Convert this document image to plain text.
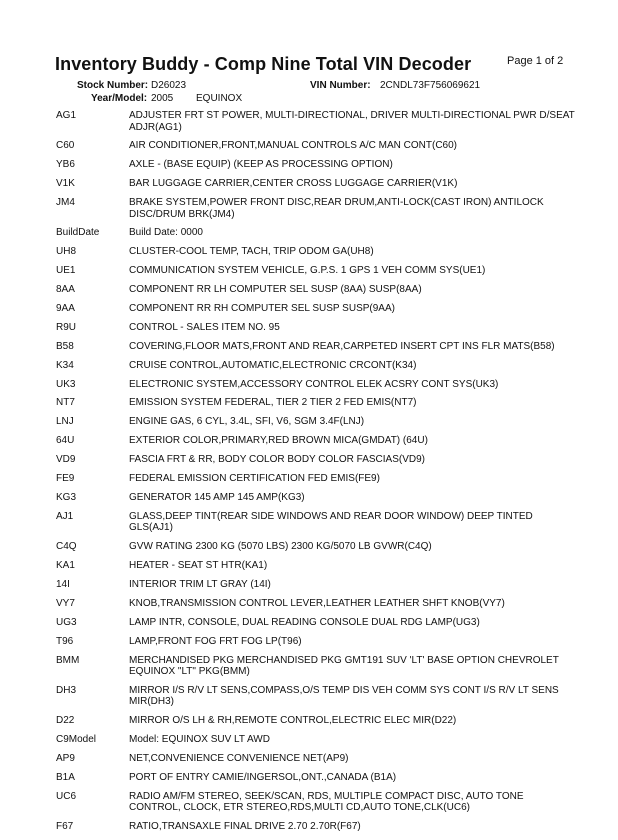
Inventory Buddy - Comp Nine Total VIN Decoder	Page 1 of 2
Stock Number: D26023	VIN Number: 2CNDL73F756069621
Year/Model: 2005 EQUINOX
AG1	ADJUSTER FRT ST POWER, MULTI-DIRECTIONAL, DRIVER MULTI-DIRECTIONAL PWR D/SEAT ADJR(AG1)
C60	AIR CONDITIONER,FRONT,MANUAL CONTROLS A/C MAN CONT(C60)
YB6	AXLE - (BASE EQUIP) (KEEP AS PROCESSING OPTION)
V1K	BAR LUGGAGE CARRIER,CENTER CROSS LUGGAGE CARRIER(V1K)
JM4	BRAKE SYSTEM,POWER FRONT DISC,REAR DRUM,ANTI-LOCK(CAST IRON) ANTILOCK DISC/DRUM BRK(JM4)
BuildDate	Build Date: 0000
UH8	CLUSTER-COOL TEMP, TACH, TRIP ODOM GA(UH8)
UE1	COMMUNICATION SYSTEM VEHICLE, G.P.S. 1 GPS 1 VEH COMM SYS(UE1)
8AA	COMPONENT RR LH COMPUTER SEL SUSP (8AA) SUSP(8AA)
9AA	COMPONENT RR RH COMPUTER SEL SUSP SUSP(9AA)
R9U	CONTROL - SALES ITEM NO. 95
B58	COVERING,FLOOR MATS,FRONT AND REAR,CARPETED INSERT CPT INS FLR MATS(B58)
K34	CRUISE CONTROL,AUTOMATIC,ELECTRONIC CRCONT(K34)
UK3	ELECTRONIC SYSTEM,ACCESSORY CONTROL ELEK ACSRY CONT SYS(UK3)
NT7	EMISSION SYSTEM FEDERAL, TIER 2 TIER 2 FED EMIS(NT7)
LNJ	ENGINE GAS, 6 CYL, 3.4L, SFI, V6, SGM 3.4F(LNJ)
64U	EXTERIOR COLOR,PRIMARY,RED BROWN MICA(GMDAT) (64U)
VD9	FASCIA FRT & RR, BODY COLOR BODY COLOR FASCIAS(VD9)
FE9	FEDERAL EMISSION CERTIFICATION FED EMIS(FE9)
KG3	GENERATOR 145 AMP 145 AMP(KG3)
AJ1	GLASS,DEEP TINT(REAR SIDE WINDOWS AND REAR DOOR WINDOW) DEEP TINTED GLS(AJ1)
C4Q	GVW RATING 2300 KG (5070 LBS) 2300 KG/5070 LB GVWR(C4Q)
KA1	HEATER - SEAT ST HTR(KA1)
14I	INTERIOR TRIM LT GRAY (14I)
VY7	KNOB,TRANSMISSION CONTROL LEVER,LEATHER LEATHER SHFT KNOB(VY7)
UG3	LAMP INTR, CONSOLE, DUAL READING CONSOLE DUAL RDG LAMP(UG3)
T96	LAMP,FRONT FOG FRT FOG LP(T96)
BMM	MERCHANDISED PKG MERCHANDISED PKG GMT191 SUV 'LT' BASE OPTION CHEVROLET EQUINOX "LT" PKG(BMM)
DH3	MIRROR I/S R/V LT SENS,COMPASS,O/S TEMP DIS VEH COMM SYS CONT I/S R/V LT SENS MIR(DH3)
D22	MIRROR O/S LH & RH,REMOTE CONTROL,ELECTRIC ELEC MIR(D22)
C9Model	Model: EQUINOX SUV LT AWD
AP9	NET,CONVENIENCE CONVENIENCE NET(AP9)
B1A	PORT OF ENTRY CAMIE/INGERSOL,ONT.,CANADA (B1A)
UC6	RADIO AM/FM STEREO, SEEK/SCAN, RDS, MULTIPLE COMPACT DISC, AUTO TONE CONTROL, CLOCK, ETR STEREO,RDS,MULTI CD,AUTO TONE,CLK(UC6)
F67	RATIO,TRANSAXLE FINAL DRIVE 2.70 2.70R(F67)
